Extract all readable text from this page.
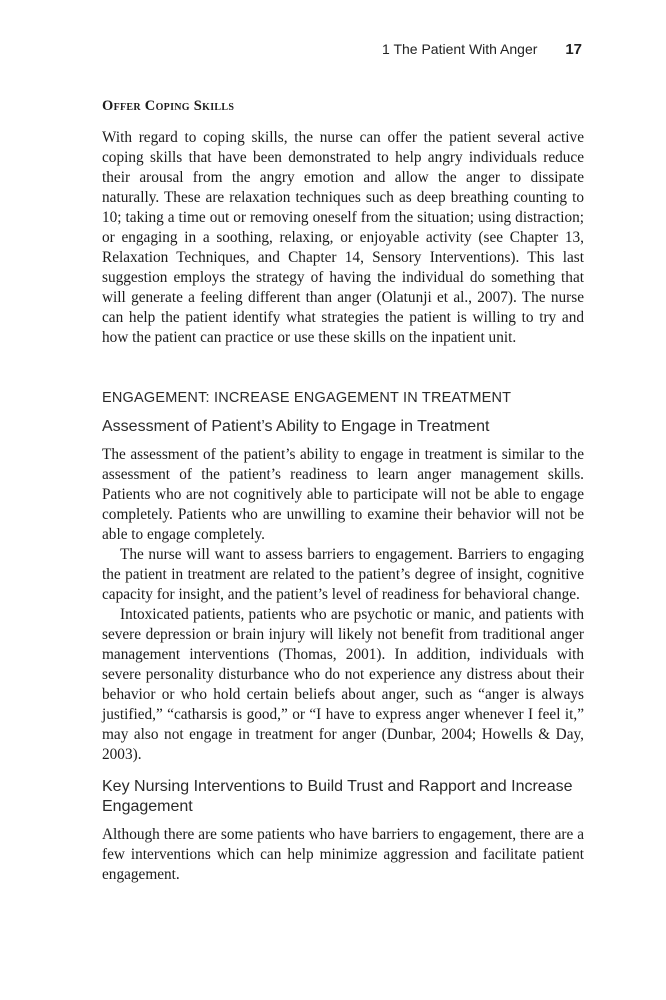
1 The Patient With Anger 17
Offer Coping Skills

With regard to coping skills, the nurse can offer the patient several active coping skills that have been demonstrated to help angry individuals reduce their arousal from the angry emotion and allow the anger to dissipate naturally. These are relaxation techniques such as deep breathing counting to 10; taking a time out or removing oneself from the situation; using distraction; or engaging in a soothing, relaxing, or enjoyable activity (see Chapter 13, Relaxation Techniques, and Chapter 14, Sensory Interventions). This last suggestion employs the strategy of having the individual do something that will generate a feeling different than anger (Olatunji et al., 2007). The nurse can help the patient identify what strategies the patient is willing to try and how the patient can practice or use these skills on the inpatient unit.

ENGAGEMENT: INCREASE ENGAGEMENT IN TREATMENT
Assessment of Patient’s Ability to Engage in Treatment

The assessment of the patient’s ability to engage in treatment is similar to the assessment of the patient’s readiness to learn anger management skills. Patients who are not cognitively able to participate will not be able to engage completely. Patients who are unwilling to examine their behavior will not be able to engage completely.

The nurse will want to assess barriers to engagement. Barriers to engaging the patient in treatment are related to the patient’s degree of insight, cognitive capacity for insight, and the patient’s level of readiness for behavioral change.

Intoxicated patients, patients who are psychotic or manic, and patients with severe depression or brain injury will likely not benefit from traditional anger management interventions (Thomas, 2001). In addition, individuals with severe personality disturbance who do not experience any distress about their behavior or who hold certain beliefs about anger, such as “anger is always justified,” “catharsis is good,” or “I have to express anger whenever I feel it,” may also not engage in treatment for anger (Dunbar, 2004; Howells & Day, 2003).

Key Nursing Interventions to Build Trust and Rapport and Increase Engagement

Although there are some patients who have barriers to engagement, there are a few interventions which can help minimize aggression and facilitate patient engagement.
